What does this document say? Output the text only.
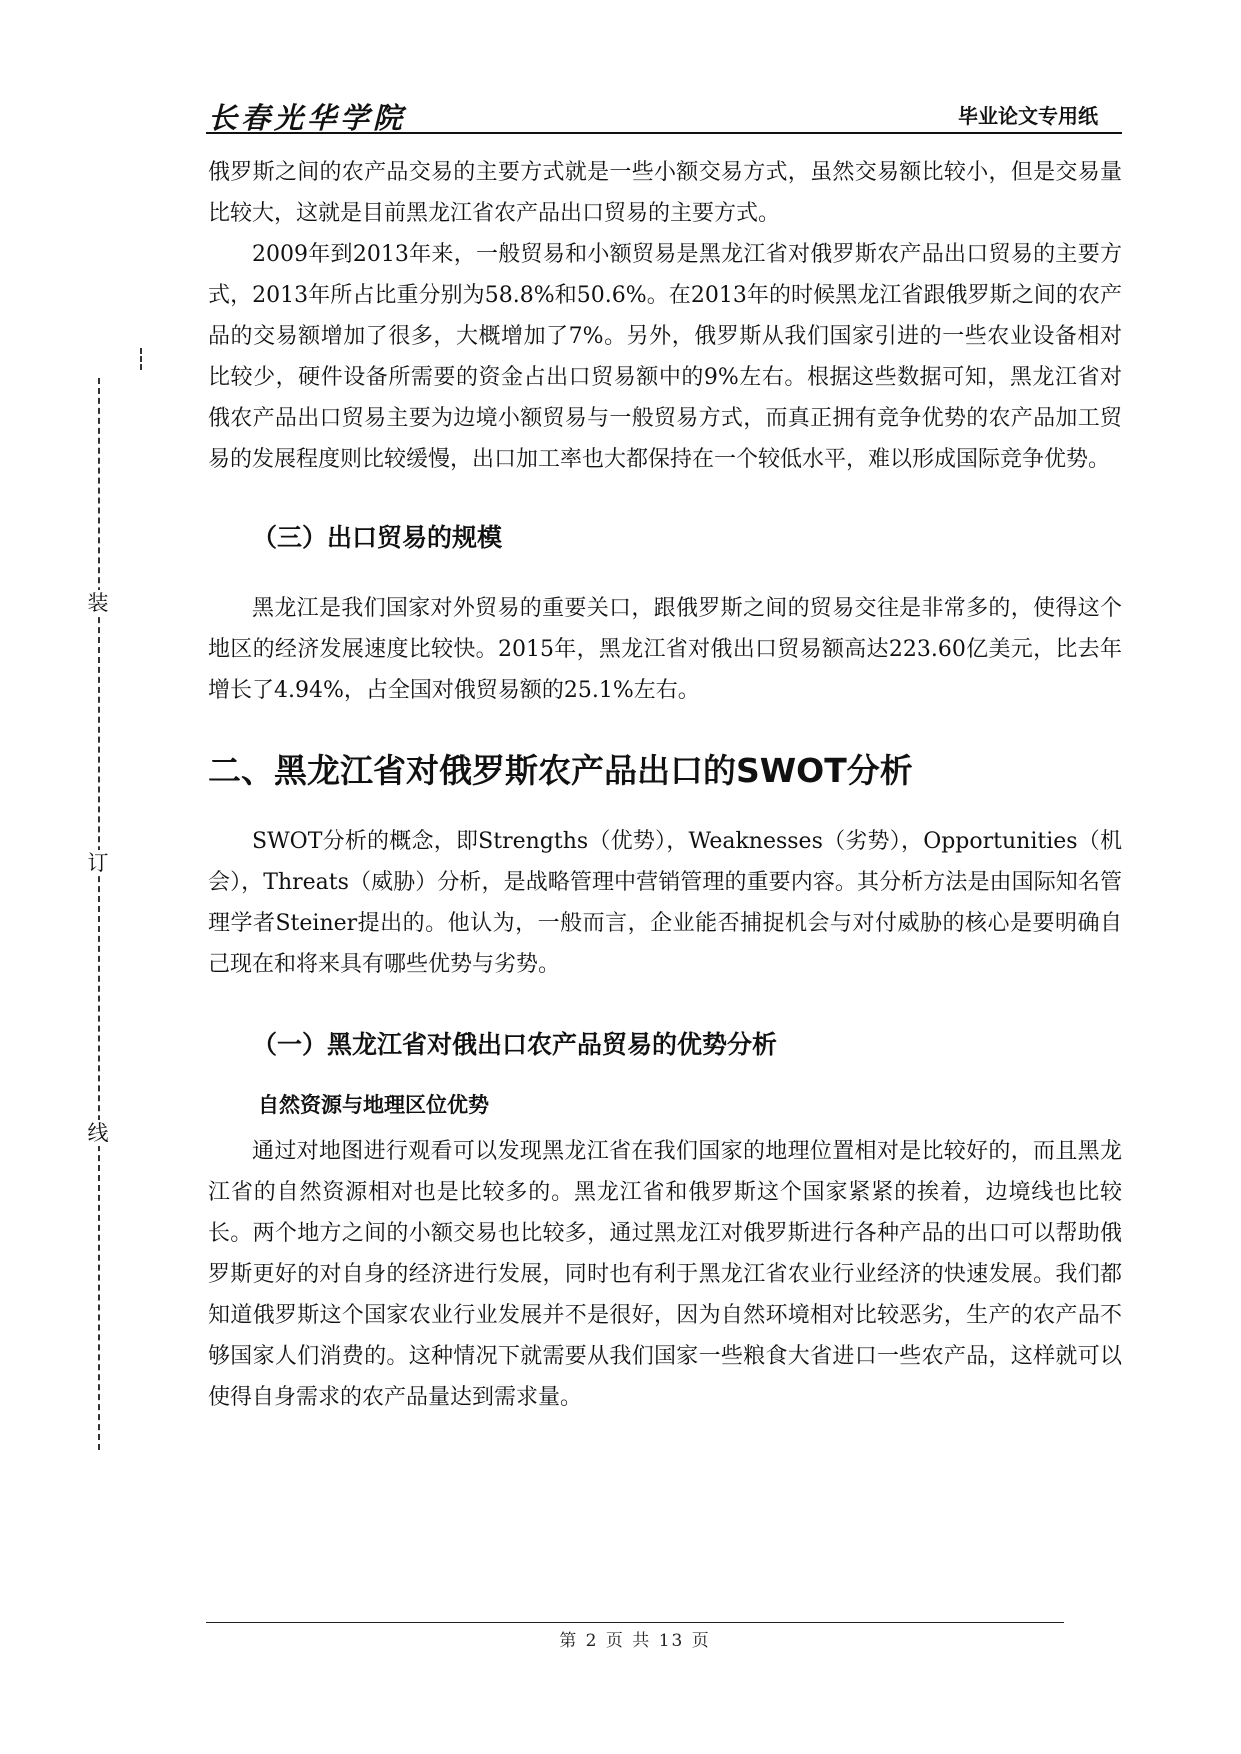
长春光华学院	毕业论文专用纸
装
订
线

俄罗斯之间的农产品交易的主要方式就是一些小额交易方式，虽然交易额比较小，但是交易量比较大，这就是目前黑龙江省农产品出口贸易的主要方式。

2009年到2013年来，一般贸易和小额贸易是黑龙江省对俄罗斯农产品出口贸易的主要方式，2013年所占比重分别为58.8%和50.6%。在2013年的时候黑龙江省跟俄罗斯之间的农产品的交易额增加了很多，大概增加了7%。另外，俄罗斯从我们国家引进的一些农业设备相对比较少，硬件设备所需要的资金占出口贸易额中的9%左右。根据这些数据可知，黑龙江省对俄农产品出口贸易主要为边境小额贸易与一般贸易方式，而真正拥有竞争优势的农产品加工贸易的发展程度则比较缓慢，出口加工率也大都保持在一个较低水平，难以形成国际竞争优势。

（三）出口贸易的规模

黑龙江是我们国家对外贸易的重要关口，跟俄罗斯之间的贸易交往是非常多的，使得这个地区的经济发展速度比较快。2015年，黑龙江省对俄出口贸易额高达223.60亿美元，比去年增长了4.94%，占全国对俄贸易额的25.1%左右。

二、黑龙江省对俄罗斯农产品出口的SWOT分析

SWOT分析的概念，即Strengths（优势），Weaknesses（劣势），Opportunities（机会），Threats（威胁）分析，是战略管理中营销管理的重要内容。其分析方法是由国际知名管理学者Steiner提出的。他认为，一般而言，企业能否捕捉机会与对付威胁的核心是要明确自己现在和将来具有哪些优势与劣势。

（一）黑龙江省对俄出口农产品贸易的优势分析
自然资源与地理区位优势

通过对地图进行观看可以发现黑龙江省在我们国家的地理位置相对是比较好的，而且黑龙江省的自然资源相对也是比较多的。黑龙江省和俄罗斯这个国家紧紧的挨着，边境线也比较长。两个地方之间的小额交易也比较多，通过黑龙江对俄罗斯进行各种产品的出口可以帮助俄罗斯更好的对自身的经济进行发展，同时也有利于黑龙江省农业行业经济的快速发展。我们都知道俄罗斯这个国家农业行业发展并不是很好，因为自然环境相对比较恶劣，生产的农产品不够国家人们消费的。这种情况下就需要从我们国家一些粮食大省进口一些农产品，这样就可以使得自身需求的农产品量达到需求量。

第 2 页 共 13 页
